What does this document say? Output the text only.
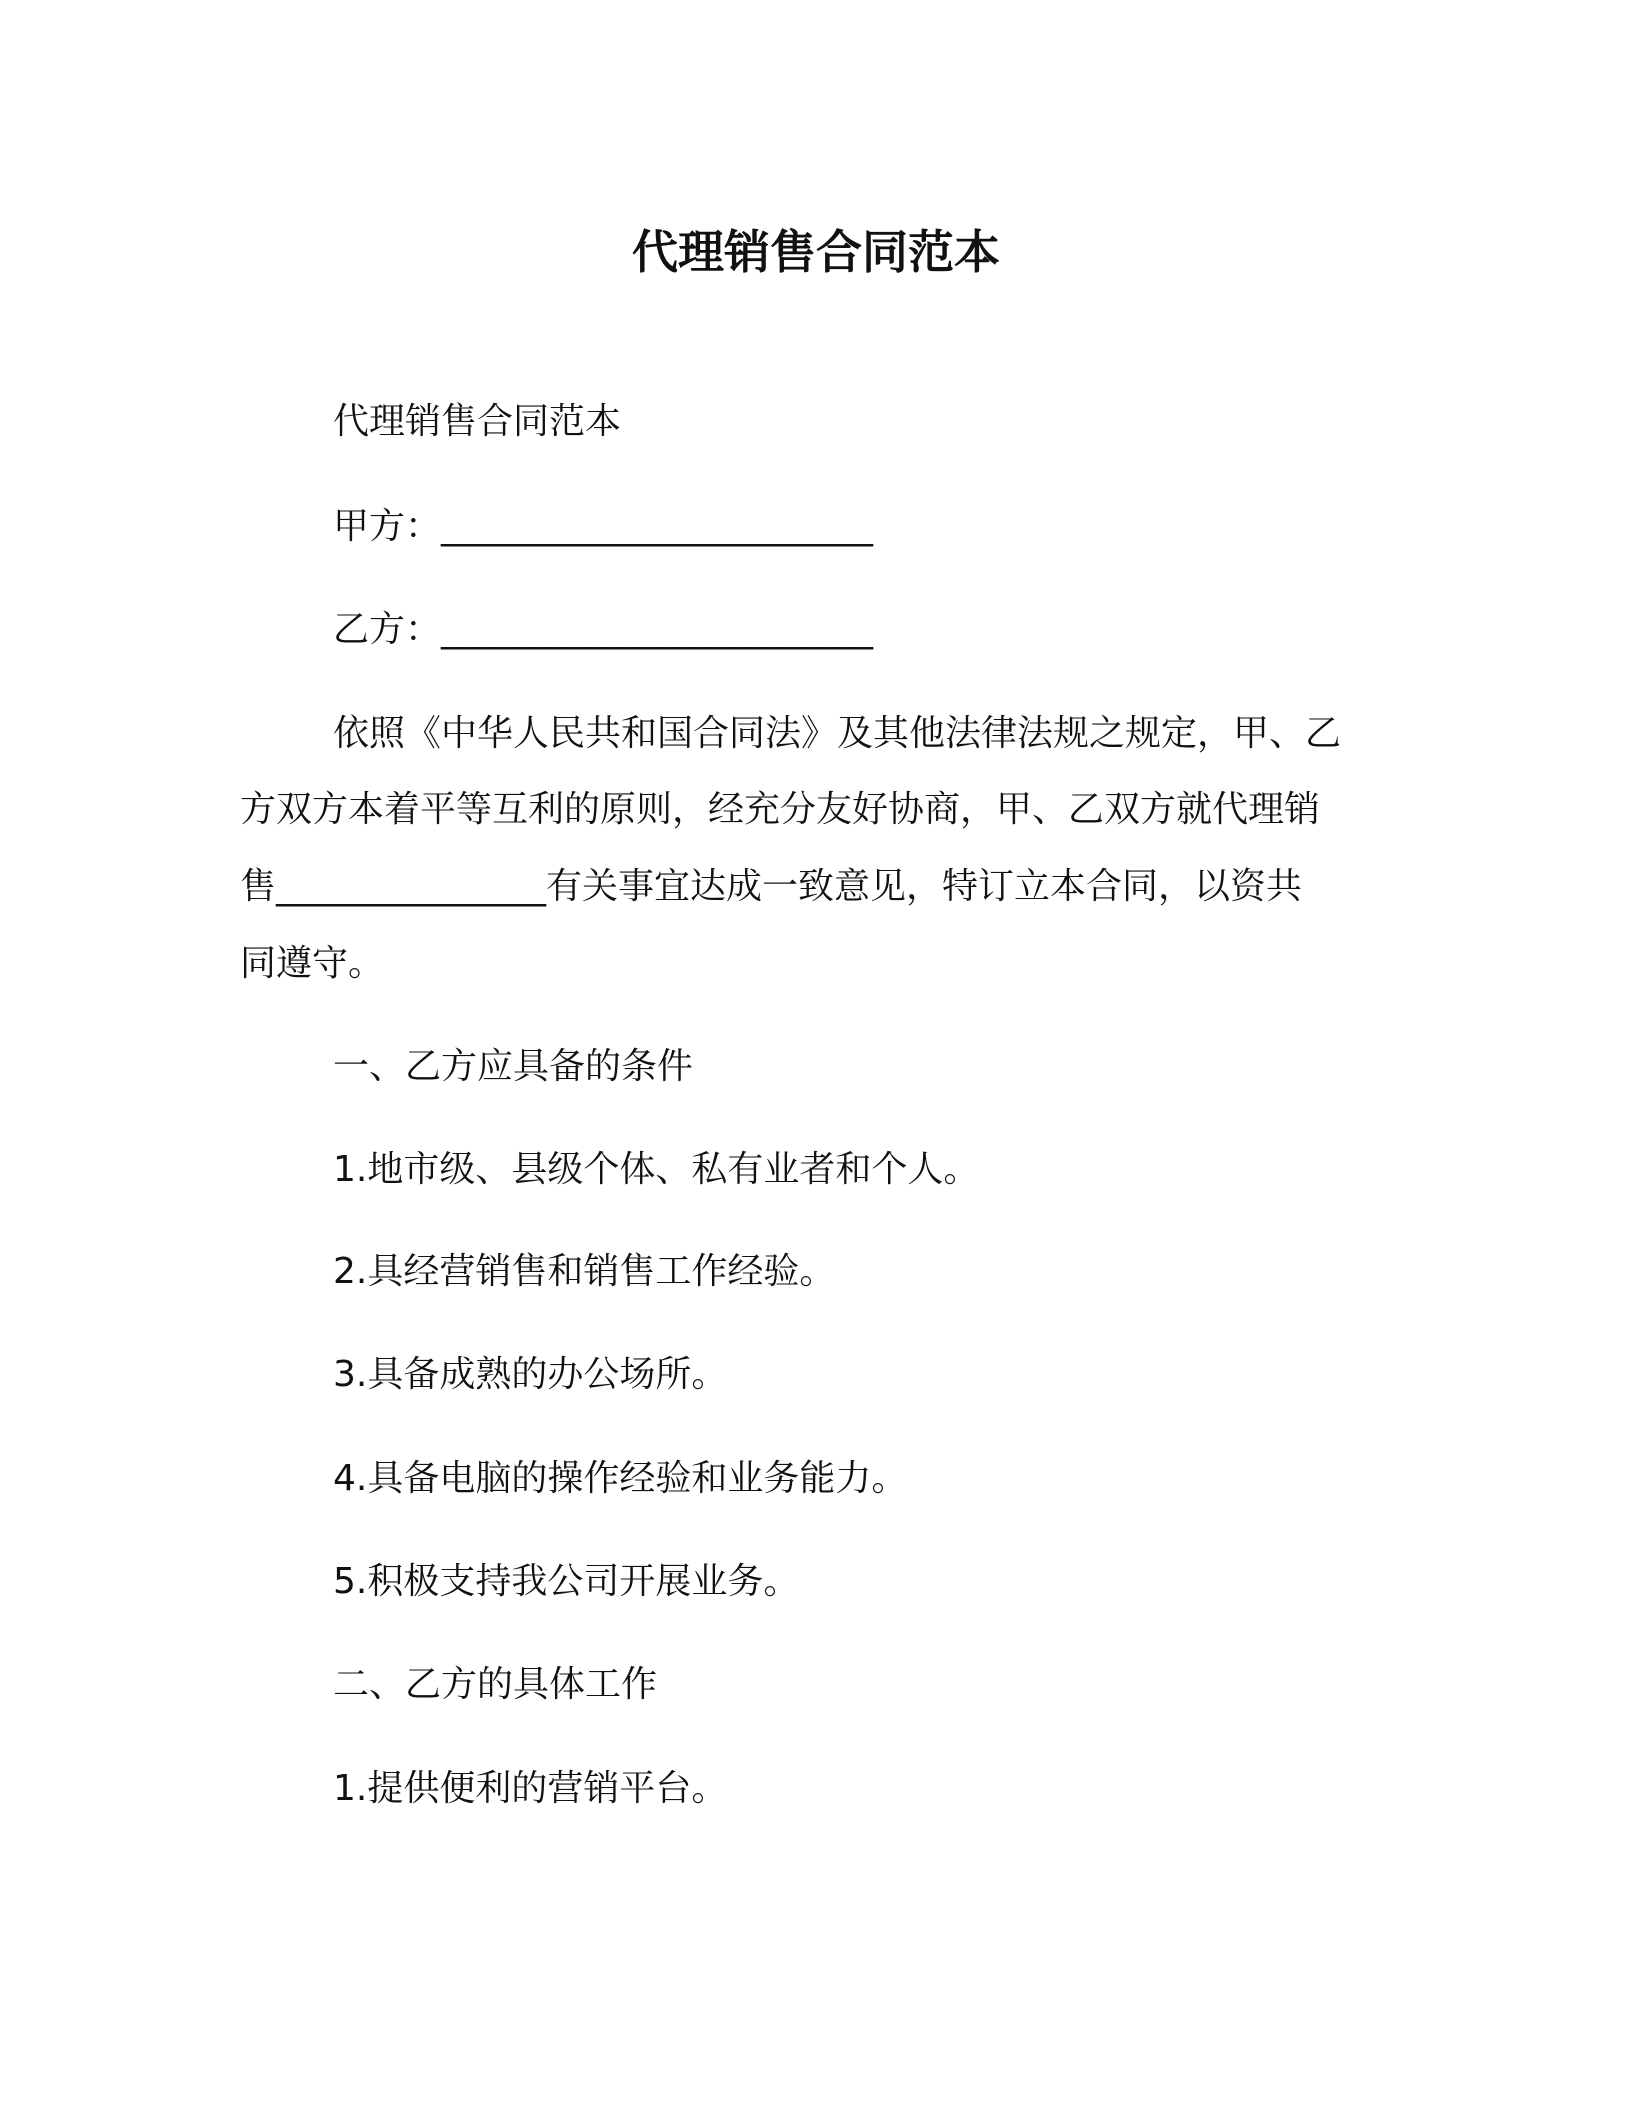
代理销售合同范本

代理销售合同范本

甲方：________________________

乙方：________________________

依照《中华人民共和国合同法》及其他法律法规之规定，甲、乙

方双方本着平等互利的原则，经充分友好协商，甲、乙双方就代理销

售_______________有关事宜达成一致意见，特订立本合同，以资共

同遵守。

一、乙方应具备的条件

1.地市级、县级个体、私有业者和个人。

2.具经营销售和销售工作经验。

3.具备成熟的办公场所。

4.具备电脑的操作经验和业务能力。

5.积极支持我公司开展业务。

二、乙方的具体工作

1.提供便利的营销平台。
